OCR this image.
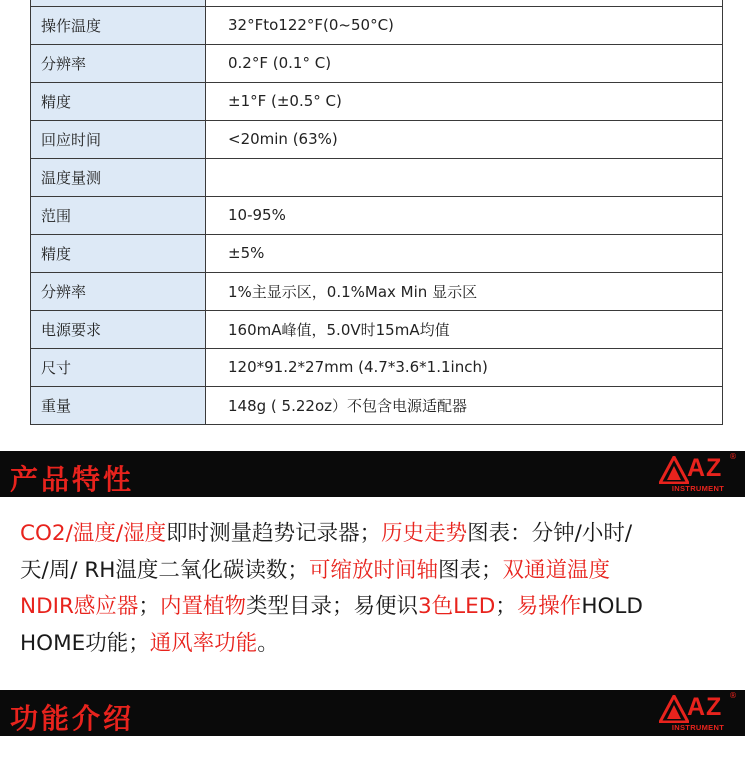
操作温度	32°Fto122°F(0~50°C)
分辨率	0.2°F (0.1° C)
精度	±1°F (±0.5° C)
回应时间	<20min (63%)
温度量测	
范围	10-95%
精度	±5%
分辨率	1%主显示区，0.1%Max Min 显示区
电源要求	160mA峰值，5.0V时15mA均值
尺寸	120*91.2*27mm (4.7*3.6*1.1inch)
重量	148g ( 5.22oz）不包含电源适配器
产品特性	AZ ®
INSTRUMENT
CO2/温度/湿度即时测量趋势记录器；历史走势图表：分钟/小时/
天/周/ RH温度二氧化碳读数；可缩放时间轴图表；双通道温度
NDIR感应器；内置植物类型目录；易便识3色LED；易操作HOLD
HOME功能；通风率功能。
功能介绍	AZ ®
INSTRUMENT
